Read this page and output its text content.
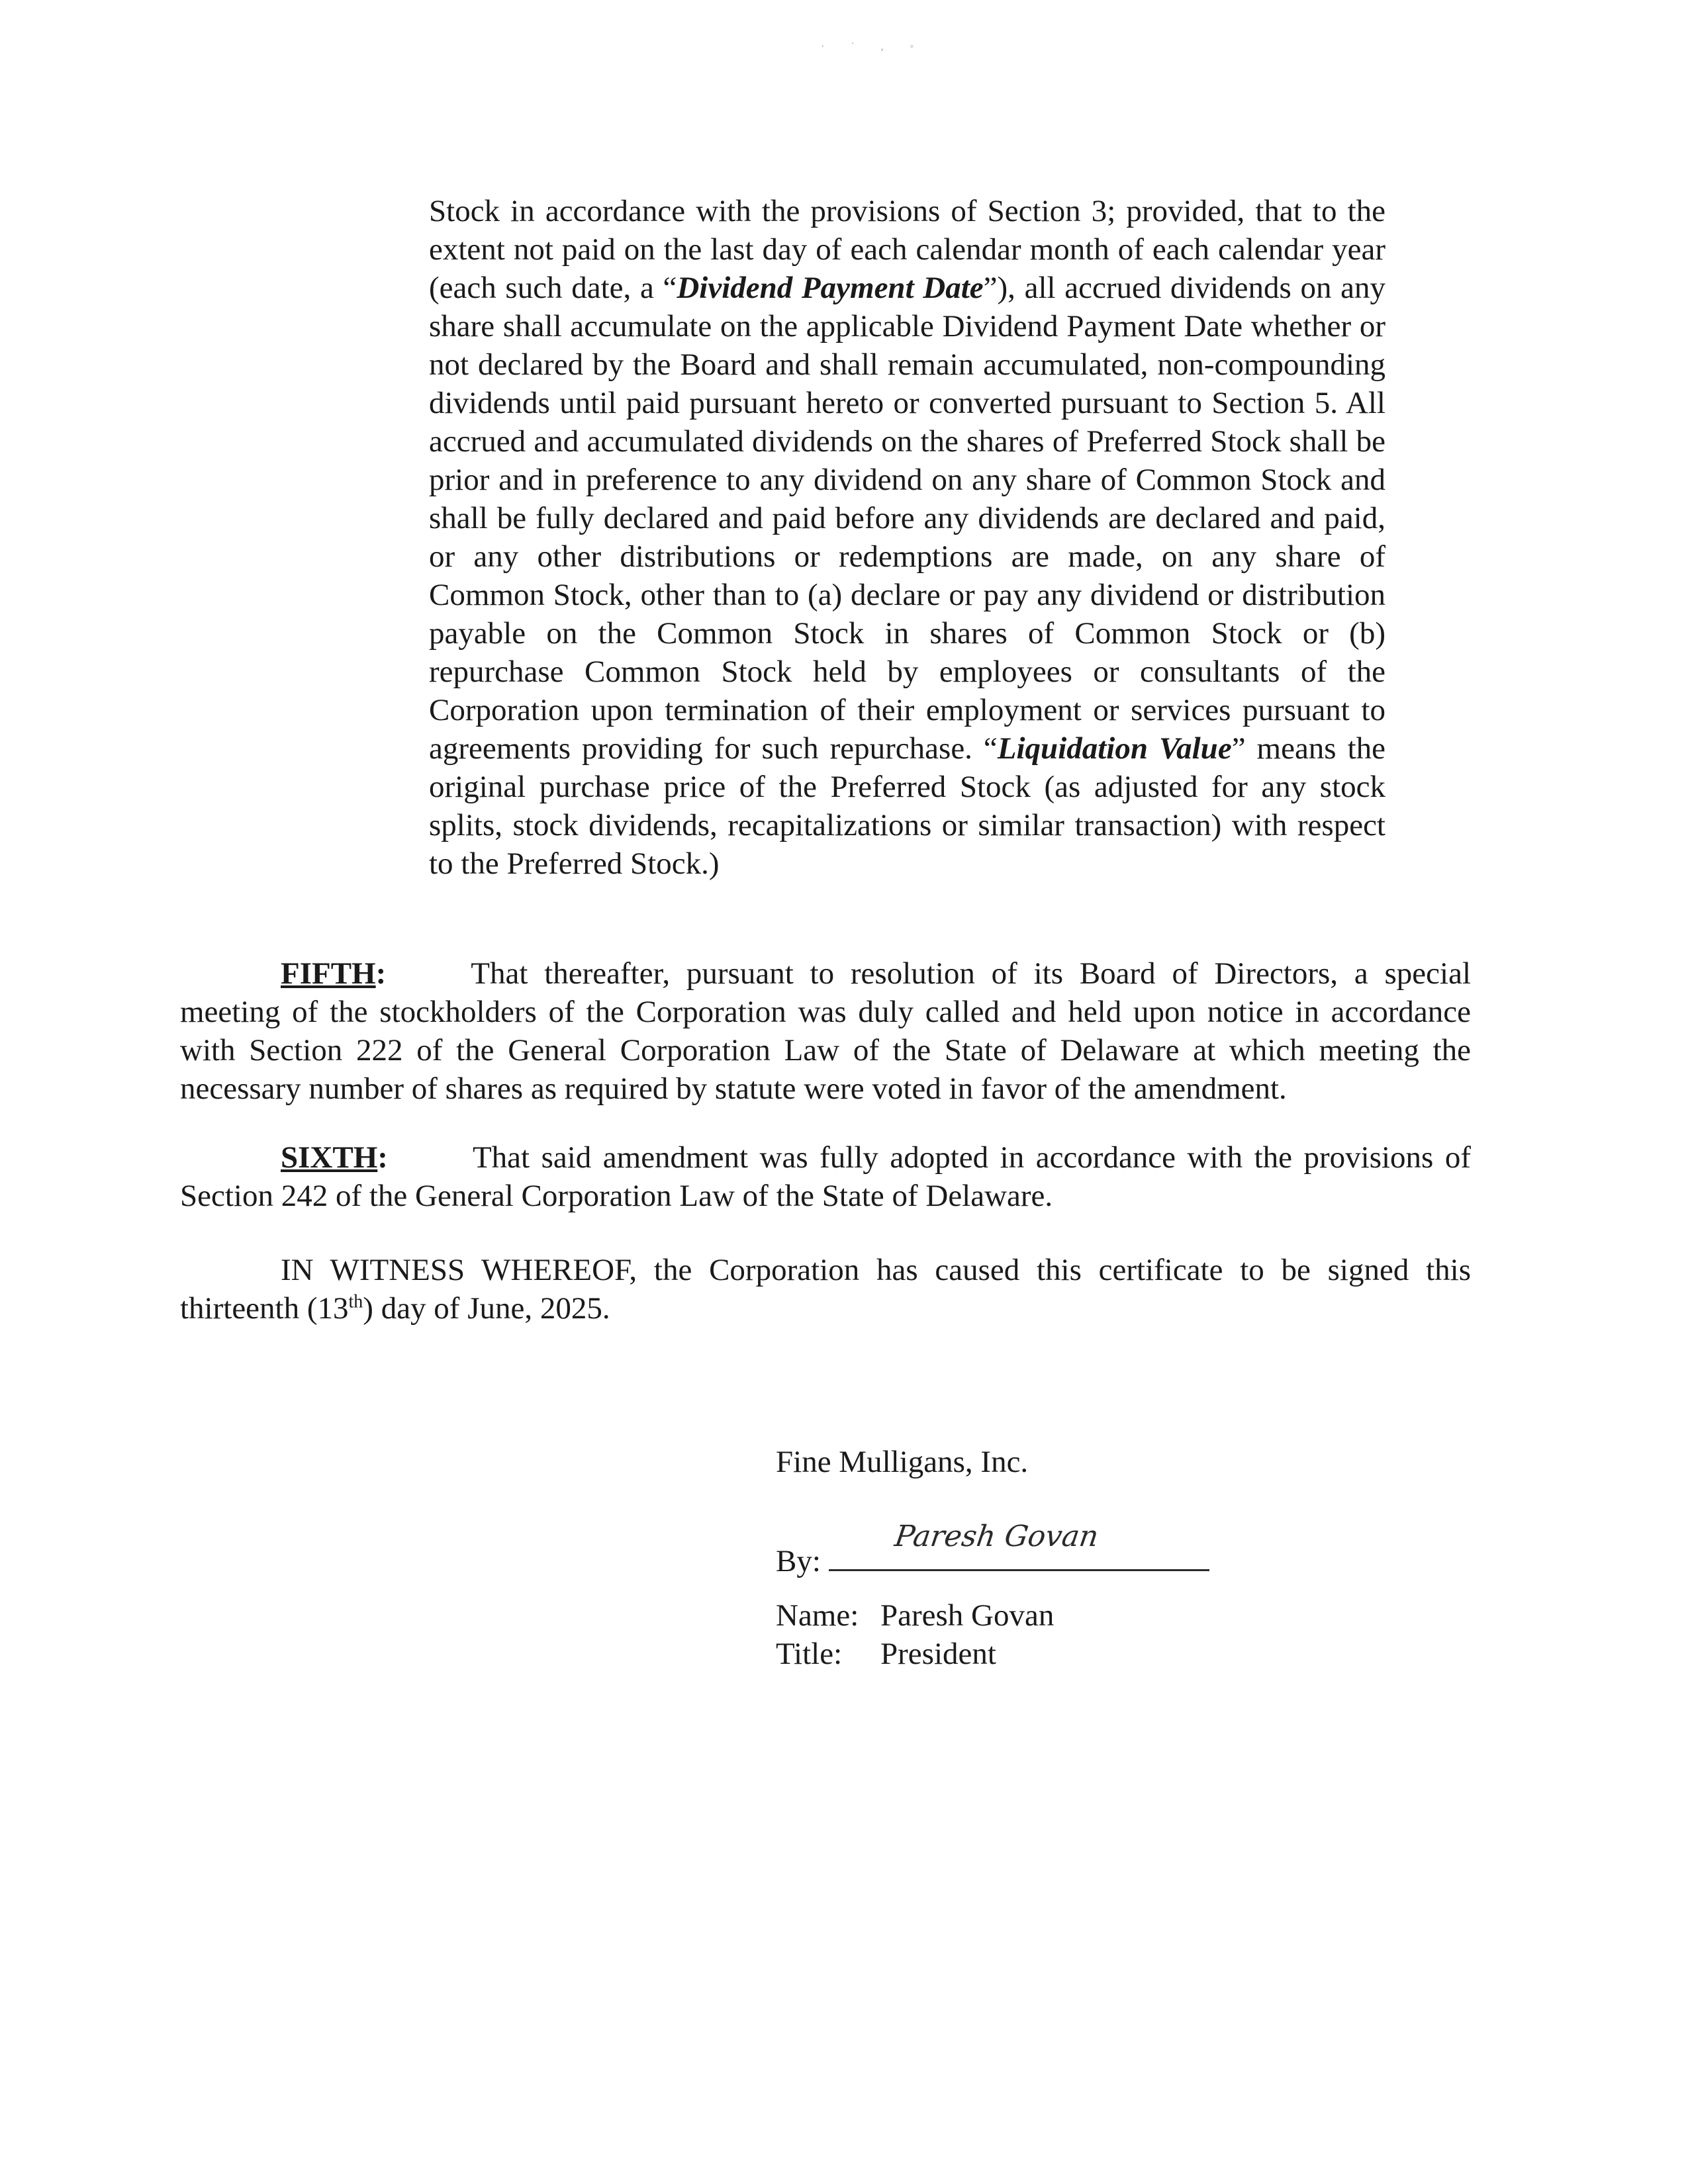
· ˙ , ◦
Stock in accordance with the provisions of Section 3; provided, that to the extent not paid on the last day of each calendar month of each calendar year (each such date, a “Dividend Payment Date”), all accrued dividends on any share shall accumulate on the applicable Dividend Payment Date whether or not declared by the Board and shall remain accumulated, non-compounding dividends until paid pursuant hereto or converted pursuant to Section 5. All accrued and accumulated dividends on the shares of Preferred Stock shall be prior and in preference to any dividend on any share of Common Stock and shall be fully declared and paid before any dividends are declared and paid, or any other distributions or redemptions are made, on any share of Common Stock, other than to (a) declare or pay any dividend or distribution payable on the Common Stock in shares of Common Stock or (b) repurchase Common Stock held by employees or consultants of the Corporation upon termination of their employment or services pursuant to agreements providing for such repurchase. “Liquidation Value” means the original purchase price of the Preferred Stock (as adjusted for any stock splits, stock dividends, recapitalizations or similar transaction) with respect to the Preferred Stock.)

FIFTH:	That thereafter, pursuant to resolution of its Board of Directors, a special meeting of the stockholders of the Corporation was duly called and held upon notice in accordance with Section 222 of the General Corporation Law of the State of Delaware at which meeting the necessary number of shares as required by statute were voted in favor of the amendment.

SIXTH:	That said amendment was fully adopted in accordance with the provisions of Section 242 of the General Corporation Law of the State of Delaware.

IN WITNESS WHEREOF, the Corporation has caused this certificate to be signed this thirteenth (13th) day of June, 2025.

Fine Mulligans, Inc.
By:
Paresh Govan
Name: Paresh Govan
Title: President
